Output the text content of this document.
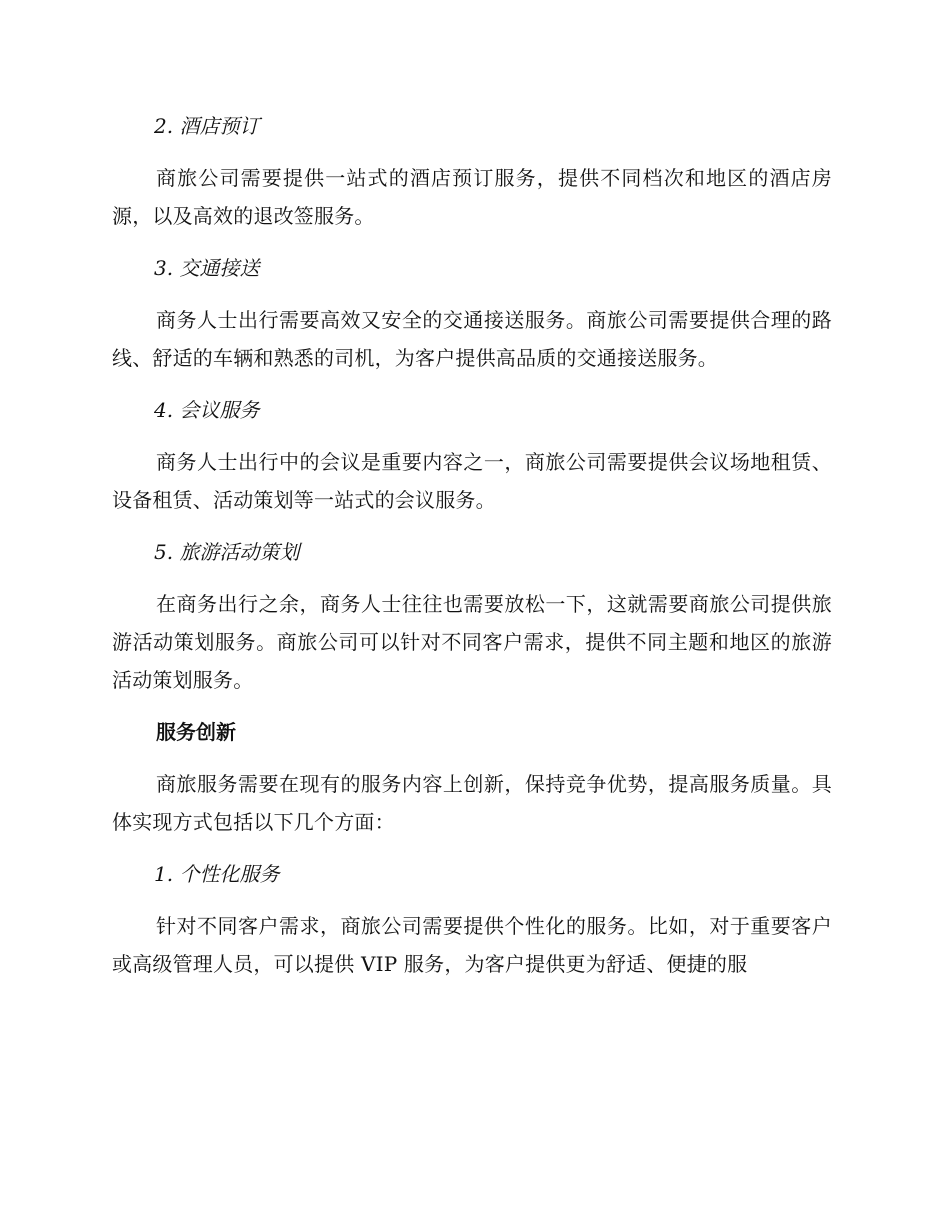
2. 酒店预订

商旅公司需要提供一站式的酒店预订服务，提供不同档次和地区的酒店房源，以及高效的退改签服务。

3. 交通接送

商务人士出行需要高效又安全的交通接送服务。商旅公司需要提供合理的路线、舒适的车辆和熟悉的司机，为客户提供高品质的交通接送服务。

4. 会议服务

商务人士出行中的会议是重要内容之一，商旅公司需要提供会议场地租赁、设备租赁、活动策划等一站式的会议服务。

5. 旅游活动策划

在商务出行之余，商务人士往往也需要放松一下，这就需要商旅公司提供旅游活动策划服务。商旅公司可以针对不同客户需求，提供不同主题和地区的旅游活动策划服务。

服务创新

商旅服务需要在现有的服务内容上创新，保持竞争优势，提高服务质量。具体实现方式包括以下几个方面：

1. 个性化服务

针对不同客户需求，商旅公司需要提供个性化的服务。比如，对于重要客户或高级管理人员，可以提供 VIP 服务，为客户提供更为舒适、便捷的服
